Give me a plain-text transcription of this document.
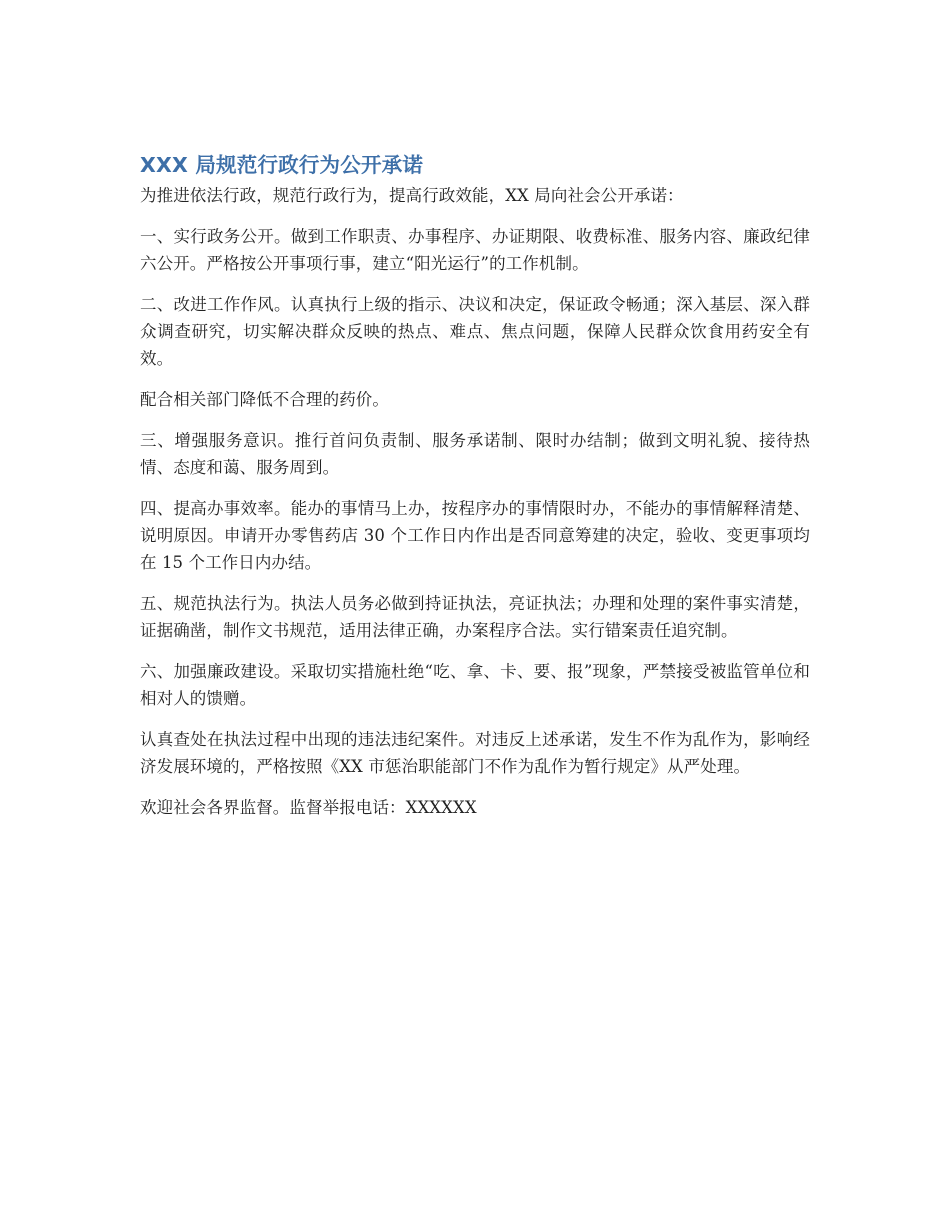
XXX 局规范行政行为公开承诺

为推进依法行政，规范行政行为，提高行政效能，XX 局向社会公开承诺：

一、实行政务公开。做到工作职责、办事程序、办证期限、收费标准、服务内容、廉政纪律六公开。严格按公开事项行事，建立“阳光运行”的工作机制。

二、改进工作作风。认真执行上级的指示、决议和决定，保证政令畅通；深入基层、深入群众调查研究，切实解决群众反映的热点、难点、焦点问题，保障人民群众饮食用药安全有效。

配合相关部门降低不合理的药价。

三、增强服务意识。推行首问负责制、服务承诺制、限时办结制；做到文明礼貌、接待热情、态度和蔼、服务周到。

四、提高办事效率。能办的事情马上办，按程序办的事情限时办，不能办的事情解释清楚、说明原因。申请开办零售药店 30 个工作日内作出是否同意筹建的决定，验收、变更事项均在 15 个工作日内办结。

五、规范执法行为。执法人员务必做到持证执法，亮证执法；办理和处理的案件事实清楚，证据确凿，制作文书规范，适用法律正确，办案程序合法。实行错案责任追究制。

六、加强廉政建设。采取切实措施杜绝“吃、拿、卡、要、报”现象，严禁接受被监管单位和相对人的馈赠。

认真查处在执法过程中出现的违法违纪案件。对违反上述承诺，发生不作为乱作为，影响经济发展环境的，严格按照《XX 市惩治职能部门不作为乱作为暂行规定》从严处理。

欢迎社会各界监督。监督举报电话：XXXXXX
